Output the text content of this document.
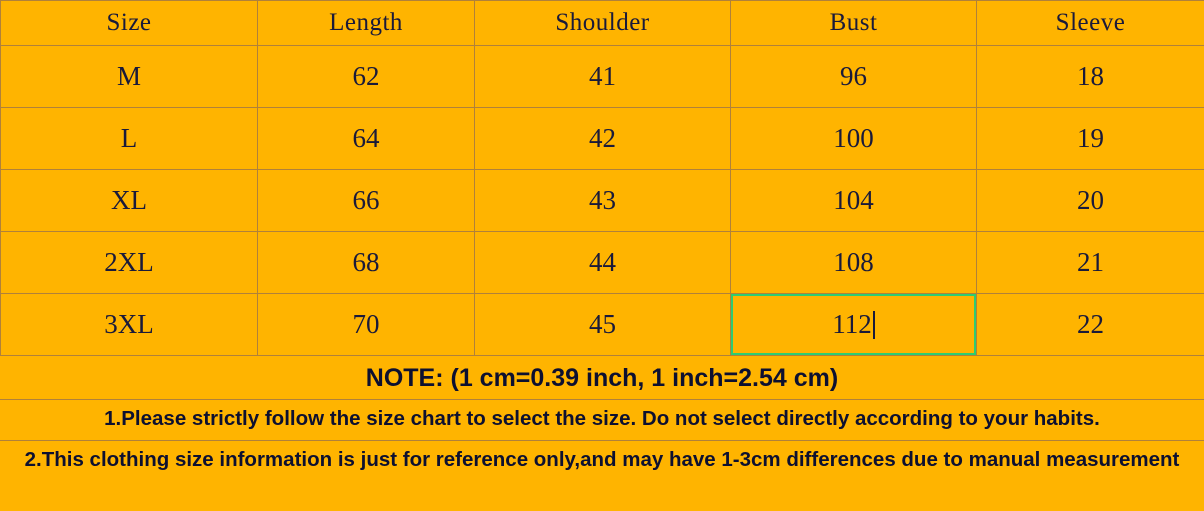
Size	Length	Shoulder	Bust	Sleeve
M	62	41	96	18
L	64	42	100	19
XL	66	43	104	20
2XL	68	44	108	21
3XL	70	45	112	22
NOTE: (1 cm=0.39 inch, 1 inch=2.54 cm)
1.Please strictly follow the size chart to select the size. Do not select directly according to your habits.
2.This clothing size information is just for reference only,and may have 1-3cm differences due to manual measurement
